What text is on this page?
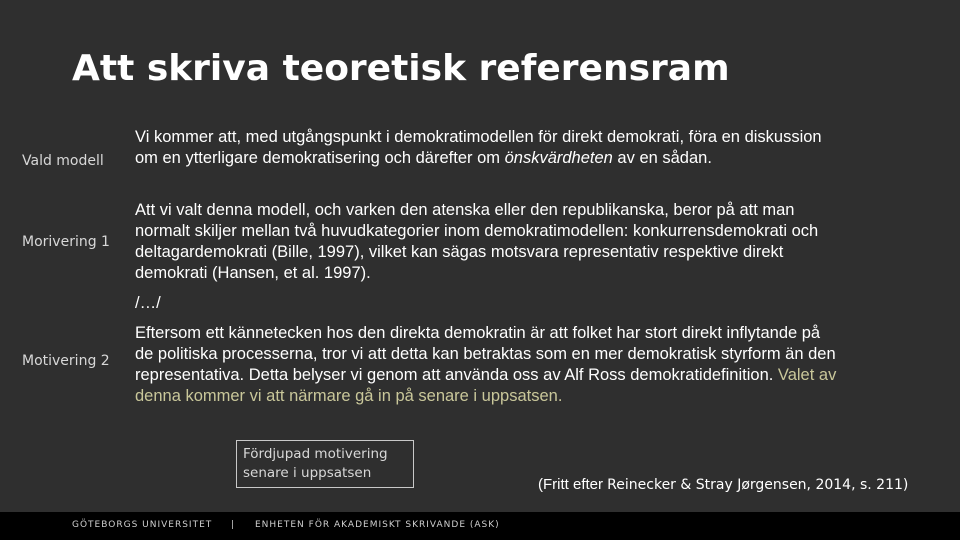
Att skriva teoretisk referensram
Vald modell
Morivering 1
Motivering 2
Vi kommer att, med utgångspunkt i demokratimodellen för direkt demokrati, föra en diskussion om en ytterligare demokratisering och därefter om önskvärdheten av en sådan.
Att vi valt denna modell, och varken den atenska eller den republikanska, beror på att man normalt skiljer mellan två huvudkategorier inom demokratimodellen: konkurrensdemokrati och deltagardemokrati (Bille, 1997), vilket kan sägas motsvara representativ respektive direkt demokrati (Hansen, et al. 1997).
/…/
Eftersom ett kännetecken hos den direkta demokratin är att folket har stort direkt inflytande på de politiska processerna, tror vi att detta kan betraktas som en mer demokratisk styrform än den representativa. Detta belyser vi genom att använda oss av Alf Ross demokratidefinition. Valet av denna kommer vi att närmare gå in på senare i uppsatsen.
Fördjupad motivering senare i uppsatsen
(Fritt efter Reinecker & Stray Jørgensen, 2014, s. 211)
GÖTEBORGS UNIVERSITET | ENHETEN FÖR AKADEMISKT SKRIVANDE (ASK)
